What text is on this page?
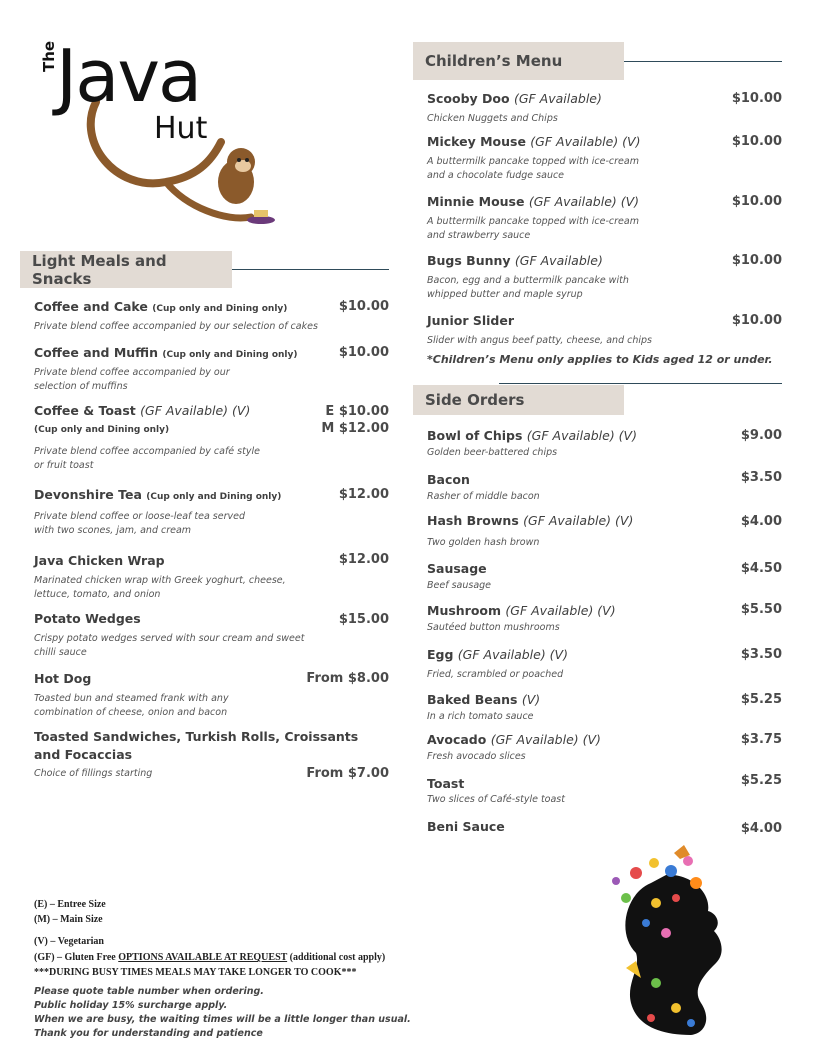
The
Java
Hut
Light Meals and Snacks
Coffee and Cake (Cup only and Dining only)
Private blend coffee accompanied by our selection of cakes
$10.00
Coffee and Muffin (Cup only and Dining only)
Private blend coffee accompanied by our
selection of muffins
$10.00
Coffee & Toast (GF Available) (V)
(Cup only and Dining only)
Private blend coffee accompanied by café style
or fruit toast
E $10.00
M $12.00
Devonshire Tea (Cup only and Dining only)
Private blend coffee or loose-leaf tea served
with two scones, jam, and cream
$12.00
Java Chicken Wrap
Marinated chicken wrap with Greek yoghurt, cheese,
lettuce, tomato, and onion
$12.00
Potato Wedges
Crispy potato wedges served with sour cream and sweet
chilli sauce
$15.00
Hot Dog
Toasted bun and steamed frank with any
combination of cheese, onion and bacon
From $8.00
Toasted Sandwiches, Turkish Rolls, Croissants
and Focaccias
Choice of fillings starting	From $7.00
Children’s Menu
Scooby Doo (GF Available)
Chicken Nuggets and Chips
$10.00
Mickey Mouse (GF Available) (V)
A buttermilk pancake topped with ice-cream
and a chocolate fudge sauce
$10.00
Minnie Mouse (GF Available) (V)
A buttermilk pancake topped with ice-cream
and strawberry sauce
$10.00
Bugs Bunny (GF Available)
Bacon, egg and a buttermilk pancake with
whipped butter and maple syrup
$10.00
Junior Slider
Slider with angus beef patty, cheese, and chips
$10.00
*Children’s Menu only applies to Kids aged 12 or under.
Side Orders
Bowl of Chips (GF Available) (V)
Golden beer-battered chips
$9.00
Bacon
Rasher of middle bacon
$3.50
Hash Browns (GF Available) (V)
Two golden hash brown
$4.00
Sausage
Beef sausage
$4.50
Mushroom (GF Available) (V)
Sautéed button mushrooms
$5.50
Egg (GF Available) (V)
Fried, scrambled or poached
$3.50
Baked Beans (V)
In a rich tomato sauce
$5.25
Avocado (GF Available) (V)
Fresh avocado slices
$3.75
Toast
Two slices of Café-style toast
$5.25
Beni Sauce	$4.00
(E) – Entree Size
(M) – Main Size
(V) – Vegetarian
(GF) – Gluten Free OPTIONS AVAILABLE AT REQUEST (additional cost apply)
***DURING BUSY TIMES MEALS MAY TAKE LONGER TO COOK***
Please quote table number when ordering.
Public holiday 15% surcharge apply.
When we are busy, the waiting times will be a little longer than usual.
Thank you for understanding and patience
